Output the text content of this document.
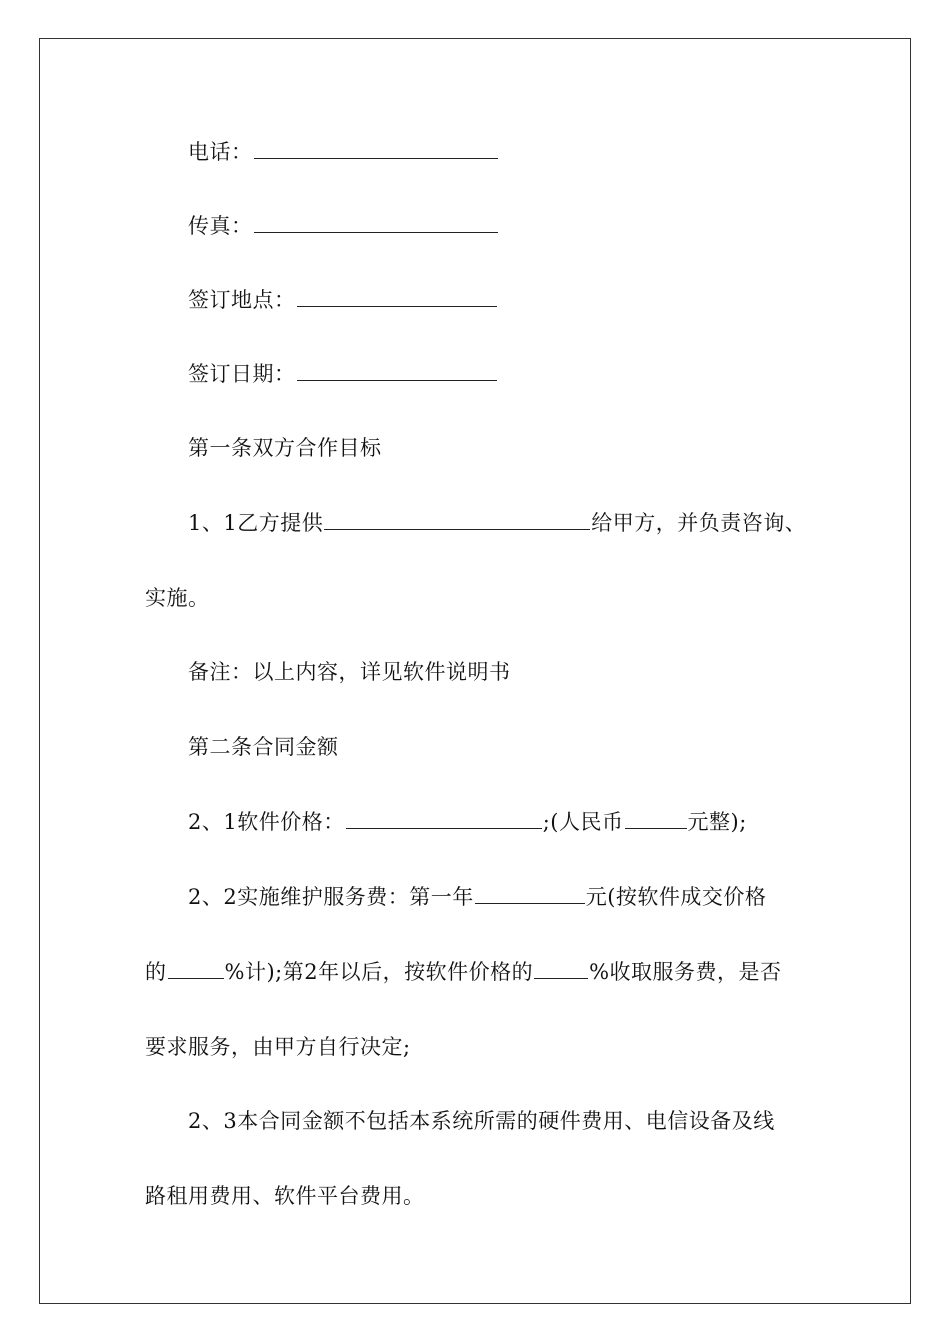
电话：
传真：
签订地点：
签订日期：
第一条双方合作目标
1、1乙方提供	给甲方，并负责咨询、
实施。
备注：以上内容，详见软件说明书
第二条合同金额
2、1软件价格：	;(人民币	元整);
2、2实施维护服务费：第一年	元(按软件成交价格
的	%计);第2年以后，按软件价格的	%收取服务费，是否
要求服务，由甲方自行决定;
2、3本合同金额不包括本系统所需的硬件费用、电信设备及线
路租用费用、软件平台费用。
